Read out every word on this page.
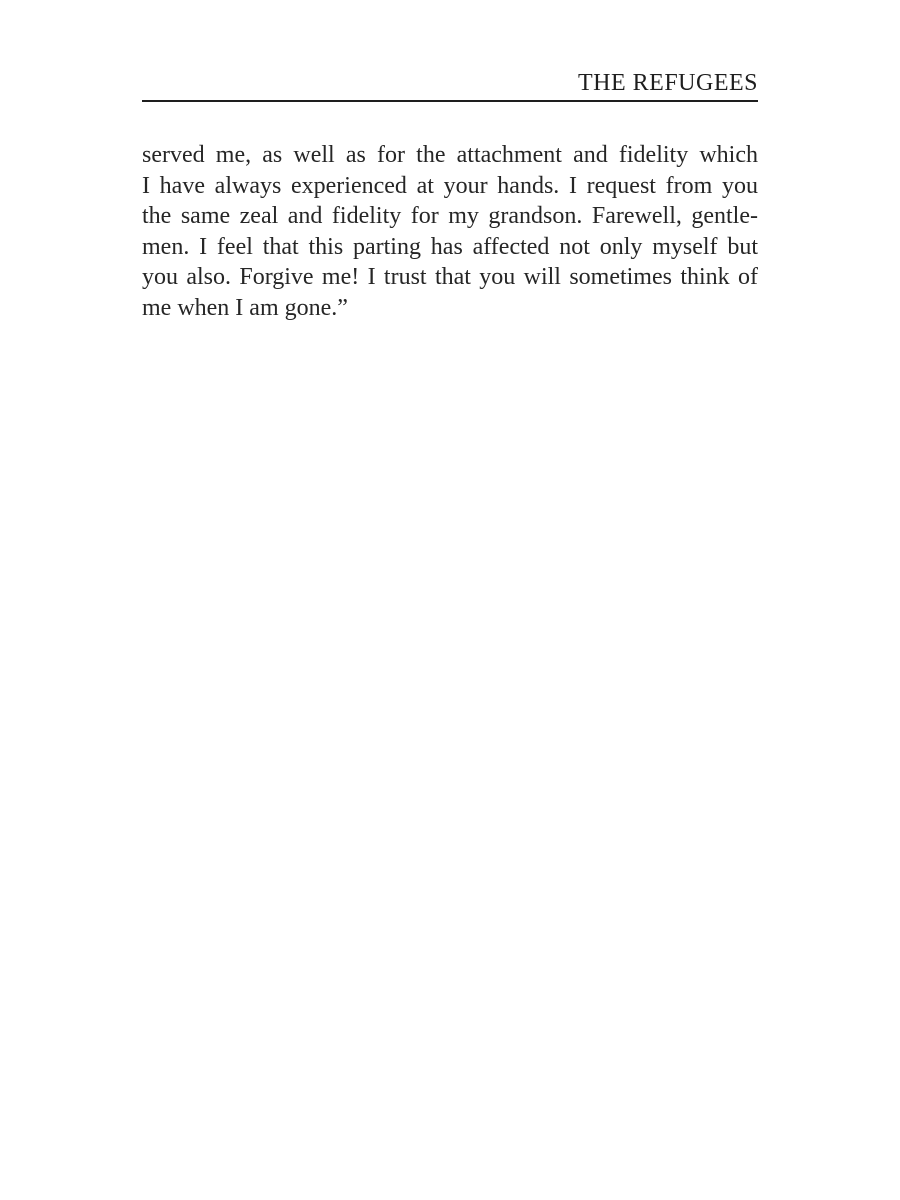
THE REFUGEES
served me, as well as for the attachment and fidelity which
I have always experienced at your hands. I request from you
the same zeal and fidelity for my grandson. Farewell, gentle-
men. I feel that this parting has affected not only myself but
you also. Forgive me! I trust that you will sometimes think of
me when I am gone.”
